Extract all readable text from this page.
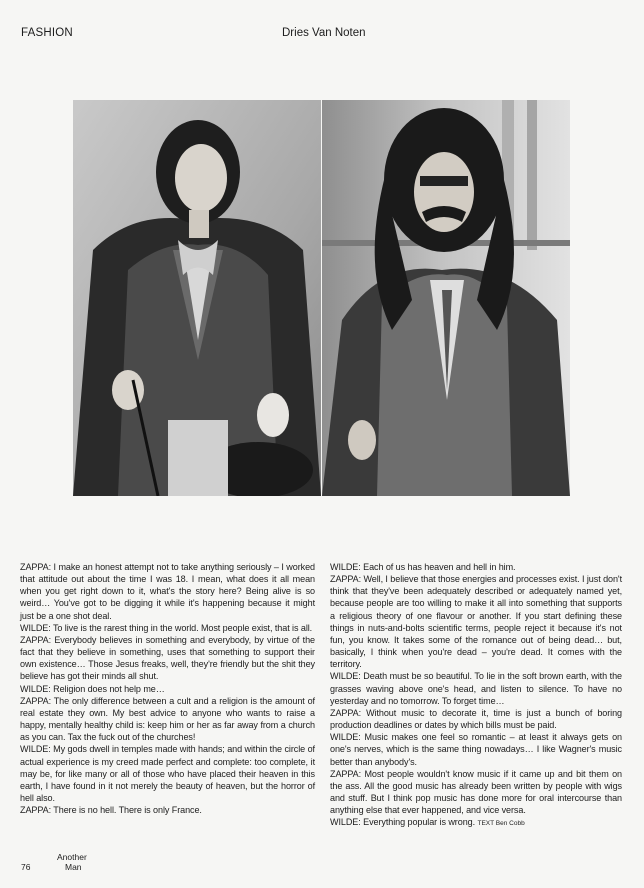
FASHION	Dries Van Noten

ZAPPA: I make an honest attempt not to take anything seriously – I worked that attitude out about the time I was 18. I mean, what does it all mean when you get right down to it, what's the story here? Being alive is so weird… You've got to be digging it while it's happening because it might just be a one shot deal.

WILDE: To live is the rarest thing in the world. Most people exist, that is all.

ZAPPA: Everybody believes in something and everybody, by virtue of the fact that they believe in something, uses that something to support their own existence… Those Jesus freaks, well, they're friendly but the shit they believe has got their minds all shut.

WILDE: Religion does not help me…

ZAPPA: The only difference between a cult and a religion is the amount of real estate they own. My best advice to anyone who wants to raise a happy, mentally healthy child is: keep him or her as far away from a church as you can. Tax the fuck out of the churches!

WILDE: My gods dwell in temples made with hands; and within the circle of actual experience is my creed made perfect and complete: too complete, it may be, for like many or all of those who have placed their heaven in this earth, I have found in it not merely the beauty of heaven, but the horror of hell also.

ZAPPA: There is no hell. There is only France.

WILDE: Each of us has heaven and hell in him.

ZAPPA: Well, I believe that those energies and processes exist. I just don't think that they've been adequately described or adequately named yet, because people are too willing to make it all into something that supports a religious theory of one flavour or another. If you start defining these things in nuts-and-bolts scientific terms, people reject it because it's not fun, you know. It takes some of the romance out of being dead… but, basically, I think when you're dead – you're dead. It comes with the territory.

WILDE: Death must be so beautiful. To lie in the soft brown earth, with the grasses waving above one's head, and listen to silence. To have no yesterday and no tomorrow. To forget time…

ZAPPA: Without music to decorate it, time is just a bunch of boring production deadlines or dates by which bills must be paid.

WILDE: Music makes one feel so romantic – at least it always gets on one's nerves, which is the same thing nowadays… I like Wagner's music better than anybody's.

ZAPPA: Most people wouldn't know music if it came up and bit them on the ass. All the good music has already been written by people with wigs and stuff. But I think pop music has done more for oral intercourse than anything else that ever happened, and vice versa.

WILDE: Everything popular is wrong. TEXT Ben Cobb

76
Another
Man
